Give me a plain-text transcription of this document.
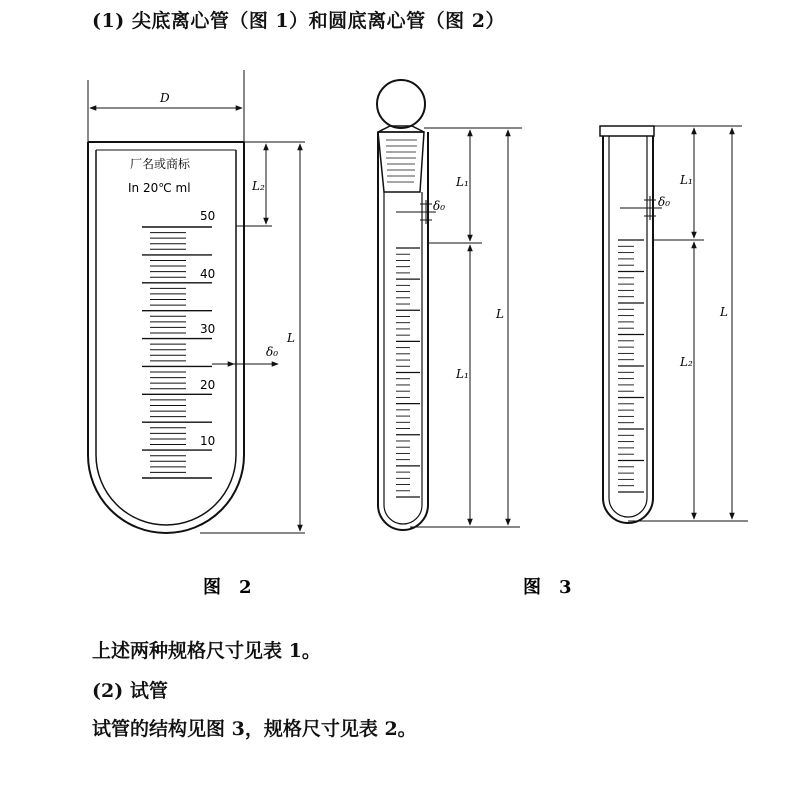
(1) 尖底离心管（图 1）和圆底离心管（图 2）
D
L
L₂
δ₀
厂名或商标
In 20℃ ml
50
40
30
20
10
图　2
L
L₁
L₁
δ₀
L
L₁
L₂
δ₀
图　3
上述两种规格尺寸见表 1。
(2) 试管
试管的结构见图 3，规格尺寸见表 2。
